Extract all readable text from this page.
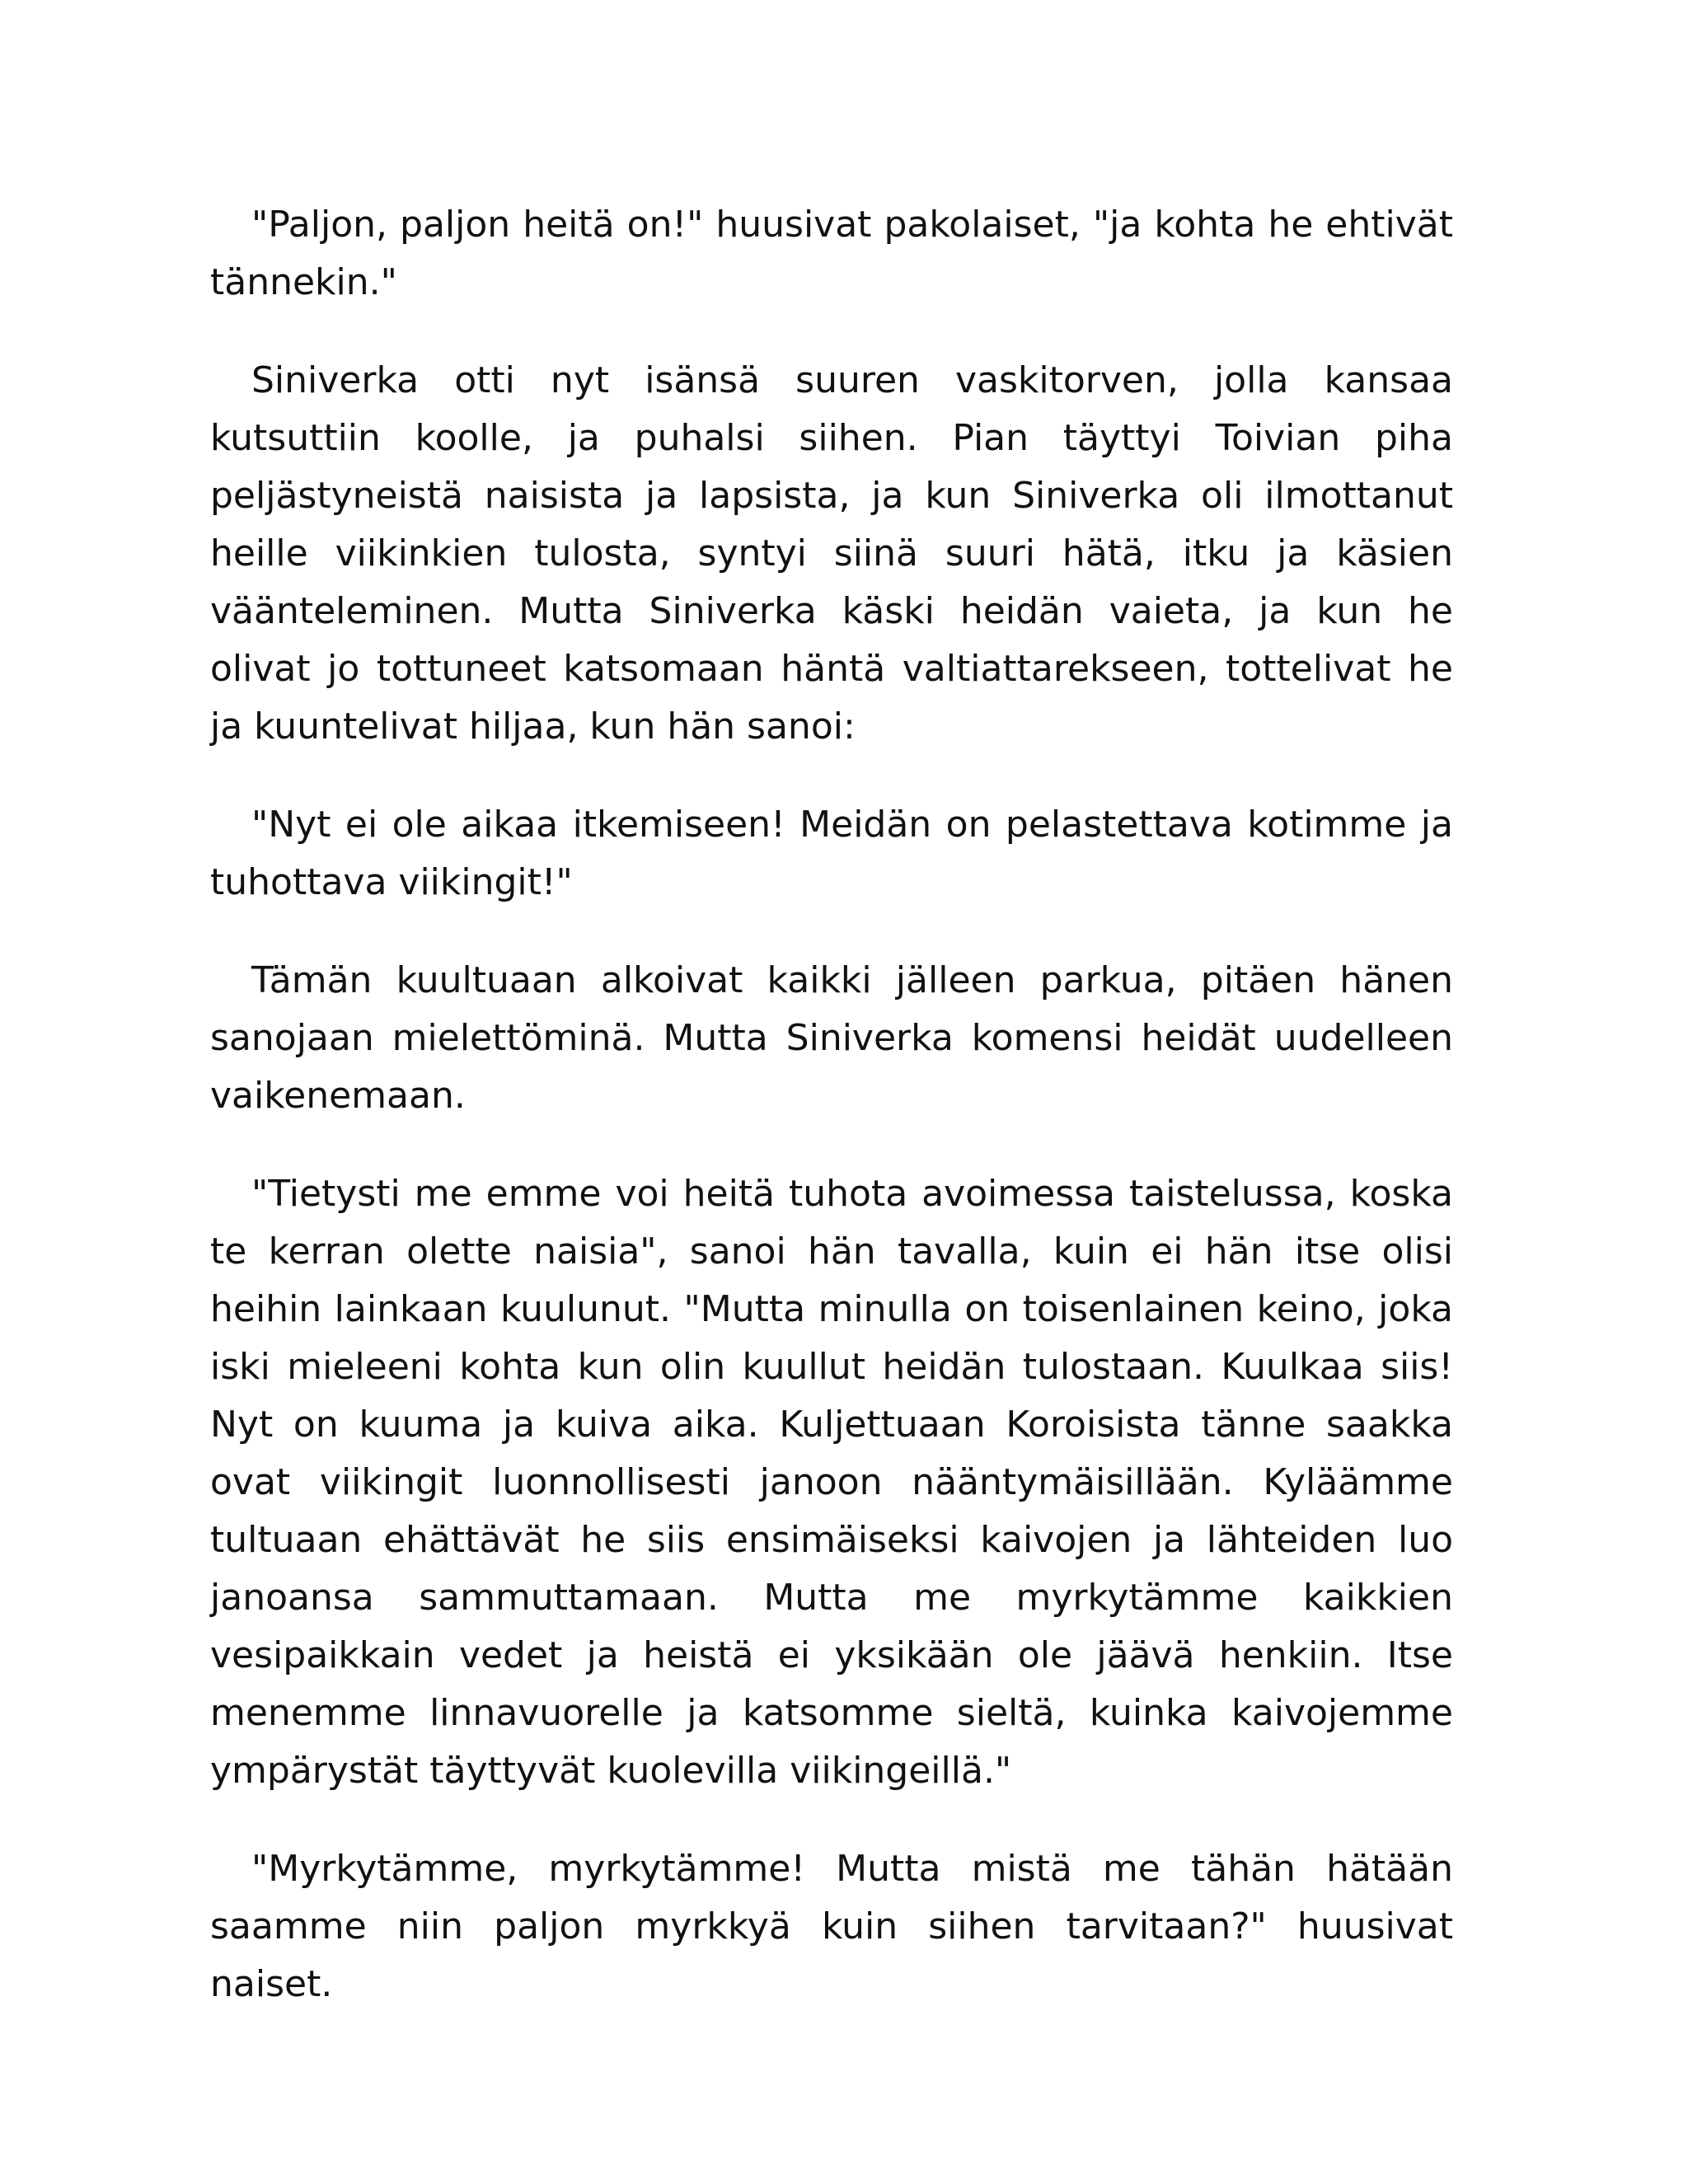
"Paljon, paljon heitä on!" huusivat pakolaiset, "ja kohta he ehtivät tännekin."

Siniverka otti nyt isänsä suuren vaskitorven, jolla kansaa kutsuttiin koolle, ja puhalsi siihen. Pian täyttyi Toivian piha peljästyneistä naisista ja lapsista, ja kun Siniverka oli ilmottanut heille viikinkien tulosta, syntyi siinä suuri hätä, itku ja käsien vääntelеminen. Mutta Siniverka käski heidän vaieta, ja kun he olivat jo tottuneet katsomaan häntä valtiattarekseen, tottelivat he ja kuuntelivat hiljaa, kun hän sanoi:

"Nyt ei ole aikaa itkemiseen! Meidän on pelastettava kotimme ja tuhottava viikingit!"

Tämän kuultuaan alkoivat kaikki jälleen parkua, pitäen hänen sanojaan mielettöminä. Mutta Siniverka komensi heidät uudelleen vaikenemaan.

"Tietysti me emme voi heitä tuhota avoimessa taistelussa, koska te kerran olette naisia", sanoi hän tavalla, kuin ei hän itse olisi heihin lainkaan kuulunut. "Mutta minulla on toisenlainen keino, joka iski mieleeni kohta kun olin kuullut heidän tulostaan. Kuulkaa siis! Nyt on kuuma ja kuiva aika. Kuljettuaan Koroisista tänne saakka ovat viikingit luonnollisesti janoon nääntymäisillään. Kyläämme tultuaan ehättävät he siis ensimäiseksi kaivojen ja lähteiden luo janoansa sammuttamaan. Mutta me myrkytämme kaikkien vesipaikkain vedet ja heistä ei yksikään ole jäävä henkiin. Itse menemme linnavuorelle ja katsomme sieltä, kuinka kaivojemme ympärystät täyttyvät kuolevilla viikingeillä."

"Myrkytämme, myrkytämme! Mutta mistä me tähän hätään saamme niin paljon myrkkyä kuin siihen tarvitaan?" huusivat naiset.
